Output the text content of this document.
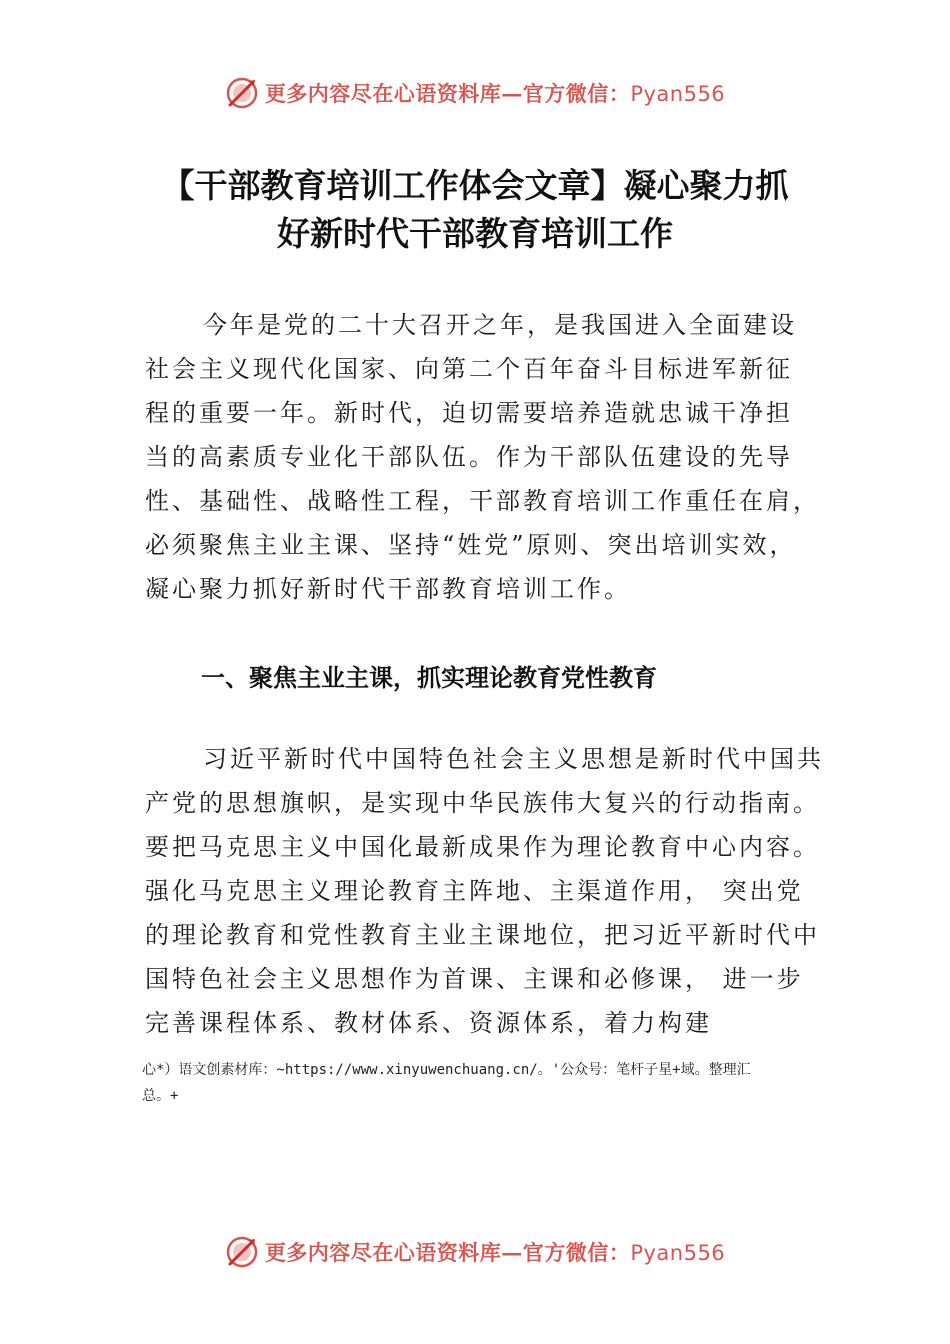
更多内容尽在心语资料库—官方微信：Pyan556
【干部教育培训工作体会文章】凝心聚力抓
好新时代干部教育培训工作

今年是党的二十大召开之年，是我国进入全面建设
社会主义现代化国家、向第二个百年奋斗目标进军新征
程的重要一年。新时代，迫切需要培养造就忠诚干净担
当的高素质专业化干部队伍。作为干部队伍建设的先导
性、基础性、战略性工程，干部教育培训工作重任在肩，
必须聚焦主业主课、坚持“姓党”原则、突出培训实效，
凝心聚力抓好新时代干部教育培训工作。

一、聚焦主业主课，抓实理论教育党性教育

习近平新时代中国特色社会主义思想是新时代中国共
产党的思想旗帜，是实现中华民族伟大复兴的行动指南。
要把马克思主义中国化最新成果作为理论教育中心内容。
强化马克思主义理论教育主阵地、主渠道作用， 突出党
的理论教育和党性教育主业主课地位，把习近平新时代中
国特色社会主义思想作为首课、主课和必修课， 进一步
完善课程体系、教材体系、资源体系，着力构建

心*）语文创素材库：~https://www.xinyuwenchuang.cn/。'公众号：笔杆子星+域。整理汇
总。+

更多内容尽在心语资料库—官方微信：Pyan556
